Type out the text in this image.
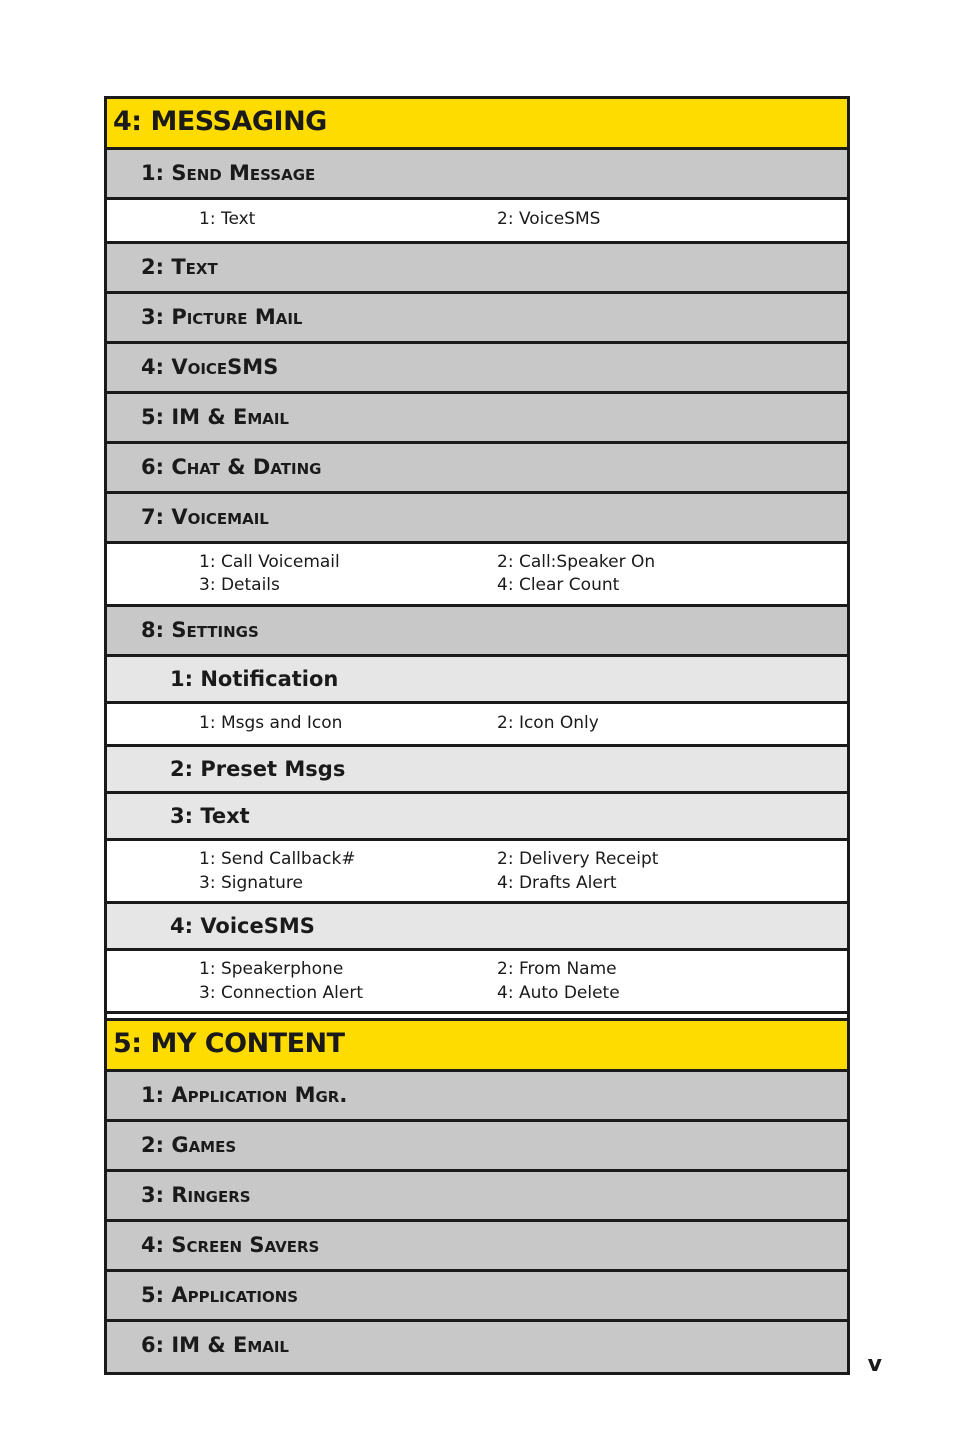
4: MESSAGING
1: Send Message
1: Text	2: VoiceSMS
2: Text
3: Picture Mail
4: VoiceSMS
5: IM & Email
6: Chat & Dating
7: Voicemail
1: Call Voicemail	2: Call:Speaker On
3: Details	4: Clear Count
8: Settings
1: Notification
1: Msgs and Icon	2: Icon Only
2: Preset Msgs
3: Text
1: Send Callback#	2: Delivery Receipt
3: Signature	4: Drafts Alert
4: VoiceSMS
1: Speakerphone	2: From Name
3: Connection Alert	4: Auto Delete
5: MY CONTENT
1: Application Mgr.
2: Games
3: Ringers
4: Screen Savers
5: Applications
6: IM & Email
v
